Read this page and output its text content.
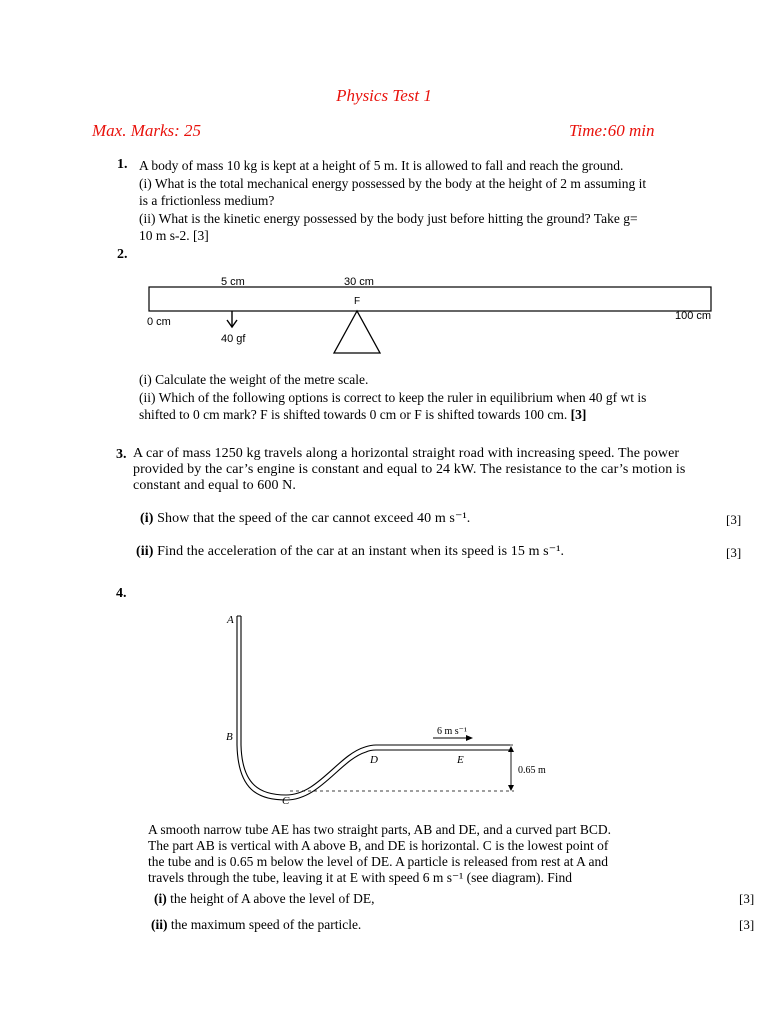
Physics Test 1
Max. Marks: 25	Time:60 min
1. A body of mass 10 kg is kept at a height of 5 m. It is allowed to fall and reach the ground.
(i) What is the total mechanical energy possessed by the body at the height of 2 m assuming it
is a frictionless medium?
(ii) What is the kinetic energy possessed by the body just before hitting the ground? Take g=
10 m s-2. [3]
2.
5 cm	30 cm
F
0 cm	100 cm
40 gf
(i) Calculate the weight of the metre scale.
(ii) Which of the following options is correct to keep the ruler in equilibrium when 40 gf wt is
shifted to 0 cm mark? F is shifted towards 0 cm or F is shifted towards 100 cm. [3]
3. A car of mass 1250 kg travels along a horizontal straight road with increasing speed. The power
provided by the car’s engine is constant and equal to 24 kW. The resistance to the car’s motion is
constant and equal to 600 N.
(i) Show that the speed of the car cannot exceed 40 m s⁻¹.	[3]
(ii) Find the acceleration of the car at an instant when its speed is 15 m s⁻¹.	[3]
4.
A
B
C
D	E
6 m s⁻¹
0.65 m
A smooth narrow tube AE has two straight parts, AB and DE, and a curved part BCD.
The part AB is vertical with A above B, and DE is horizontal. C is the lowest point of
the tube and is 0.65 m below the level of DE. A particle is released from rest at A and
travels through the tube, leaving it at E with speed 6 m s⁻¹ (see diagram). Find
(i) the height of A above the level of DE,	[3]
(ii) the maximum speed of the particle.	[3]
